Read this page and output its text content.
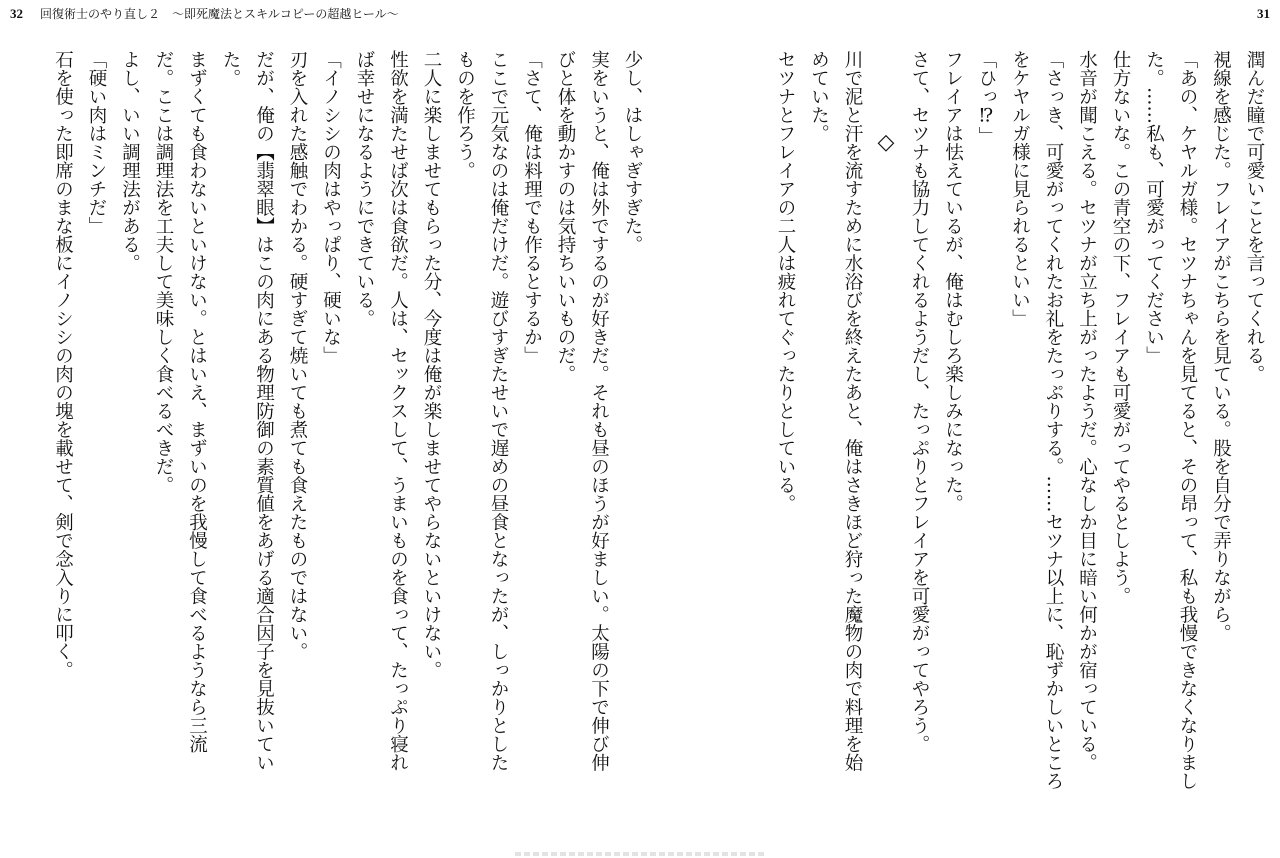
32 回復術士のやり直し２　～即死魔法とスキルコピーの超越ヒール～	31
潤んだ瞳で可愛いことを言ってくれる。
視線を感じた。フレイアがこちらを見ている。股を自分で弄りながら。
「あの、ケヤルガ様。セツナちゃんを見てると、その昂って、私も我慢できなくなりまし
た。……私も、可愛がってください」
仕方ないな。この青空の下、フレイアも可愛がってやるとしよう。
水音が聞こえる。セツナが立ち上がったようだ。心なしか目に暗い何かが宿っている。
「さっき、可愛がってくれたお礼をたっぷりする。……セツナ以上に、恥ずかしいところ
をケヤルガ様に見られるといい」
「ひっ⁉」
フレイアは怯えているが、俺はむしろ楽しみになった。
さて、セツナも協力してくれるようだし、たっぷりとフレイアを可愛がってやろう。
◇
川で泥と汗を流すために水浴びを終えたあと、俺はさきほど狩った魔物の肉で料理を始
めていた。
セツナとフレイアの二人は疲れてぐったりとしている。
少し、はしゃぎすぎた。
実をいうと、俺は外でするのが好きだ。それも昼のほうが好ましい。太陽の下で伸び伸
びと体を動かすのは気持ちいいものだ。
「さて、俺は料理でも作るとするか」
ここで元気なのは俺だけだ。遊びすぎたせいで遅めの昼食となったが、しっかりとした
ものを作ろう。
二人に楽しませてもらった分、今度は俺が楽しませてやらないといけない。
性欲を満たせば次は食欲だ。人は、セックスして、うまいものを食って、たっぷり寝れ
ば幸せになるようにできている。
「イノシシの肉はやっぱり、硬いな」
刃を入れた感触でわかる。硬すぎて焼いても煮ても食えたものではない。
だが、俺の【翡翠眼】はこの肉にある物理防御の素質値をあげる適合因子を見抜いてい
た。
まずくても食わないといけない。とはいえ、まずいのを我慢して食べるようなら三流
だ。ここは調理法を工夫して美味しく食べるべきだ。
よし、いい調理法がある。
「硬い肉はミンチだ」
石を使った即席のまな板にイノシシの肉の塊を載せて、剣で念入りに叩く。
